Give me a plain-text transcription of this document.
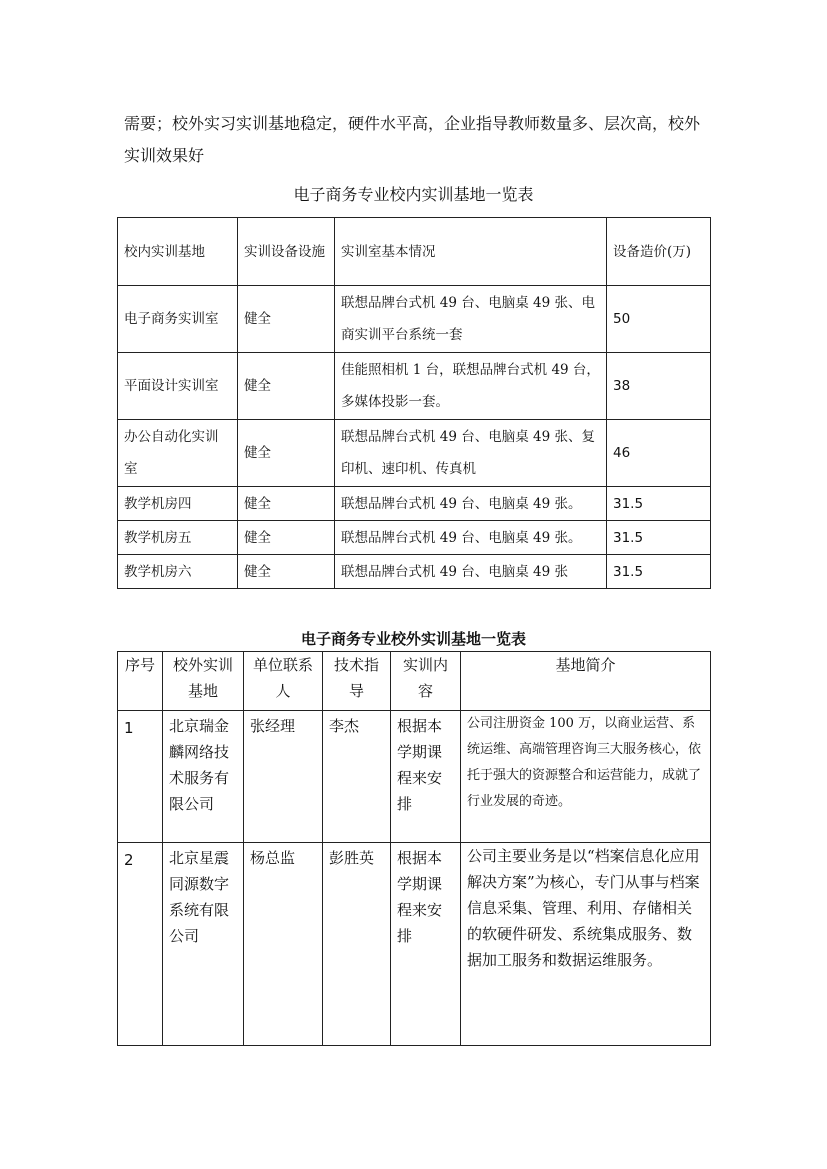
需要；校外实习实训基地稳定，硬件水平高，企业指导教师数量多、层次高，校外实训效果好

电子商务专业校内实训基地一览表

校内实训基地	实训设备设施	实训室基本情况	设备造价(万)
电子商务实训室	健全	联想品牌台式机 49 台、电脑桌 49 张、电商实训平台系统一套	50
平面设计实训室	健全	佳能照相机 1 台，联想品牌台式机 49 台，多媒体投影一套。	38
办公自动化实训室	健全	联想品牌台式机 49 台、电脑桌 49 张、复印机、速印机、传真机	46
教学机房四	健全	联想品牌台式机 49 台、电脑桌 49 张。	31.5
教学机房五	健全	联想品牌台式机 49 台、电脑桌 49 张。	31.5
教学机房六	健全	联想品牌台式机 49 台、电脑桌 49 张	31.5

电子商务专业校外实训基地一览表

序号	校外实训基地	单位联系人	技术指导	实训内容	基地简介
1	北京瑞金麟网络技术服务有限公司	张经理	李杰	根据本学期课程来安排	公司注册资金 100 万，以商业运营、系统运维、高端管理咨询三大服务核心，依托于强大的资源整合和运营能力，成就了行业发展的奇迹。
2	北京星震同源数字系统有限公司	杨总监	彭胜英	根据本学期课程来安排	公司主要业务是以“档案信息化应用解决方案”为核心，专门从事与档案信息采集、管理、利用、存储相关的软硬件研发、系统集成服务、数据加工服务和数据运维服务。
